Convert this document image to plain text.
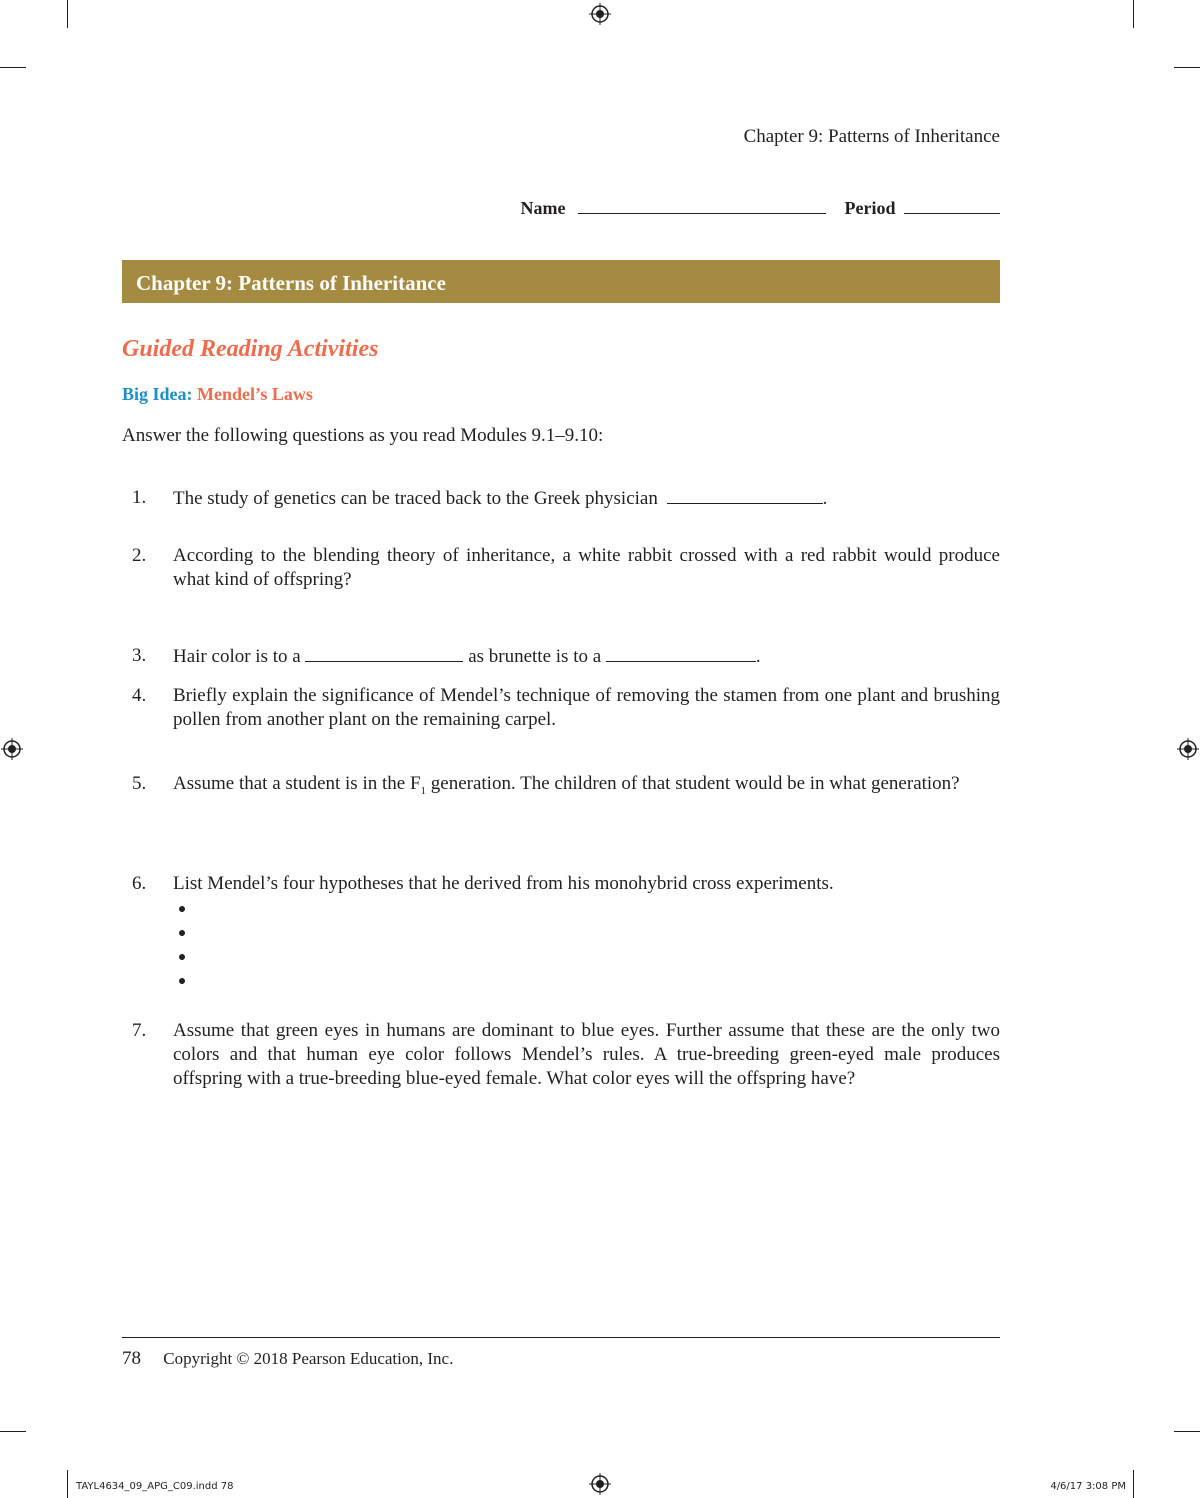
Chapter 9: Patterns of Inheritance
Name	Period
Chapter 9: Patterns of Inheritance
Guided Reading Activities
Big Idea: Mendel’s Laws
Answer the following questions as you read Modules 9.1–9.10:
1.	The study of genetics can be traced back to the Greek physician	.
2.	According to the blending theory of inheritance, a white rabbit crossed with a red rabbit would produce what kind of offspring?
3.	Hair color is to a	as brunette is to a	.
4.	Briefly explain the significance of Mendel’s technique of removing the stamen from one plant and brushing pollen from another plant on the remaining carpel.
5.	Assume that a student is in the $F_1$ generation. The children of that student would be in what generation?
6.	List Mendel’s four hypotheses that he derived from his monohybrid cross experiments.
7.	Assume that green eyes in humans are dominant to blue eyes. Further assume that these are the only two colors and that human eye color follows Mendel’s rules. A true-breeding green-eyed male produces offspring with a true-breeding blue-eyed female. What color eyes will the offspring have?
78 Copyright © 2018 Pearson Education, Inc.
TAYL4634_09_APG_C09.indd 78	4/6/17 3:08 PM
